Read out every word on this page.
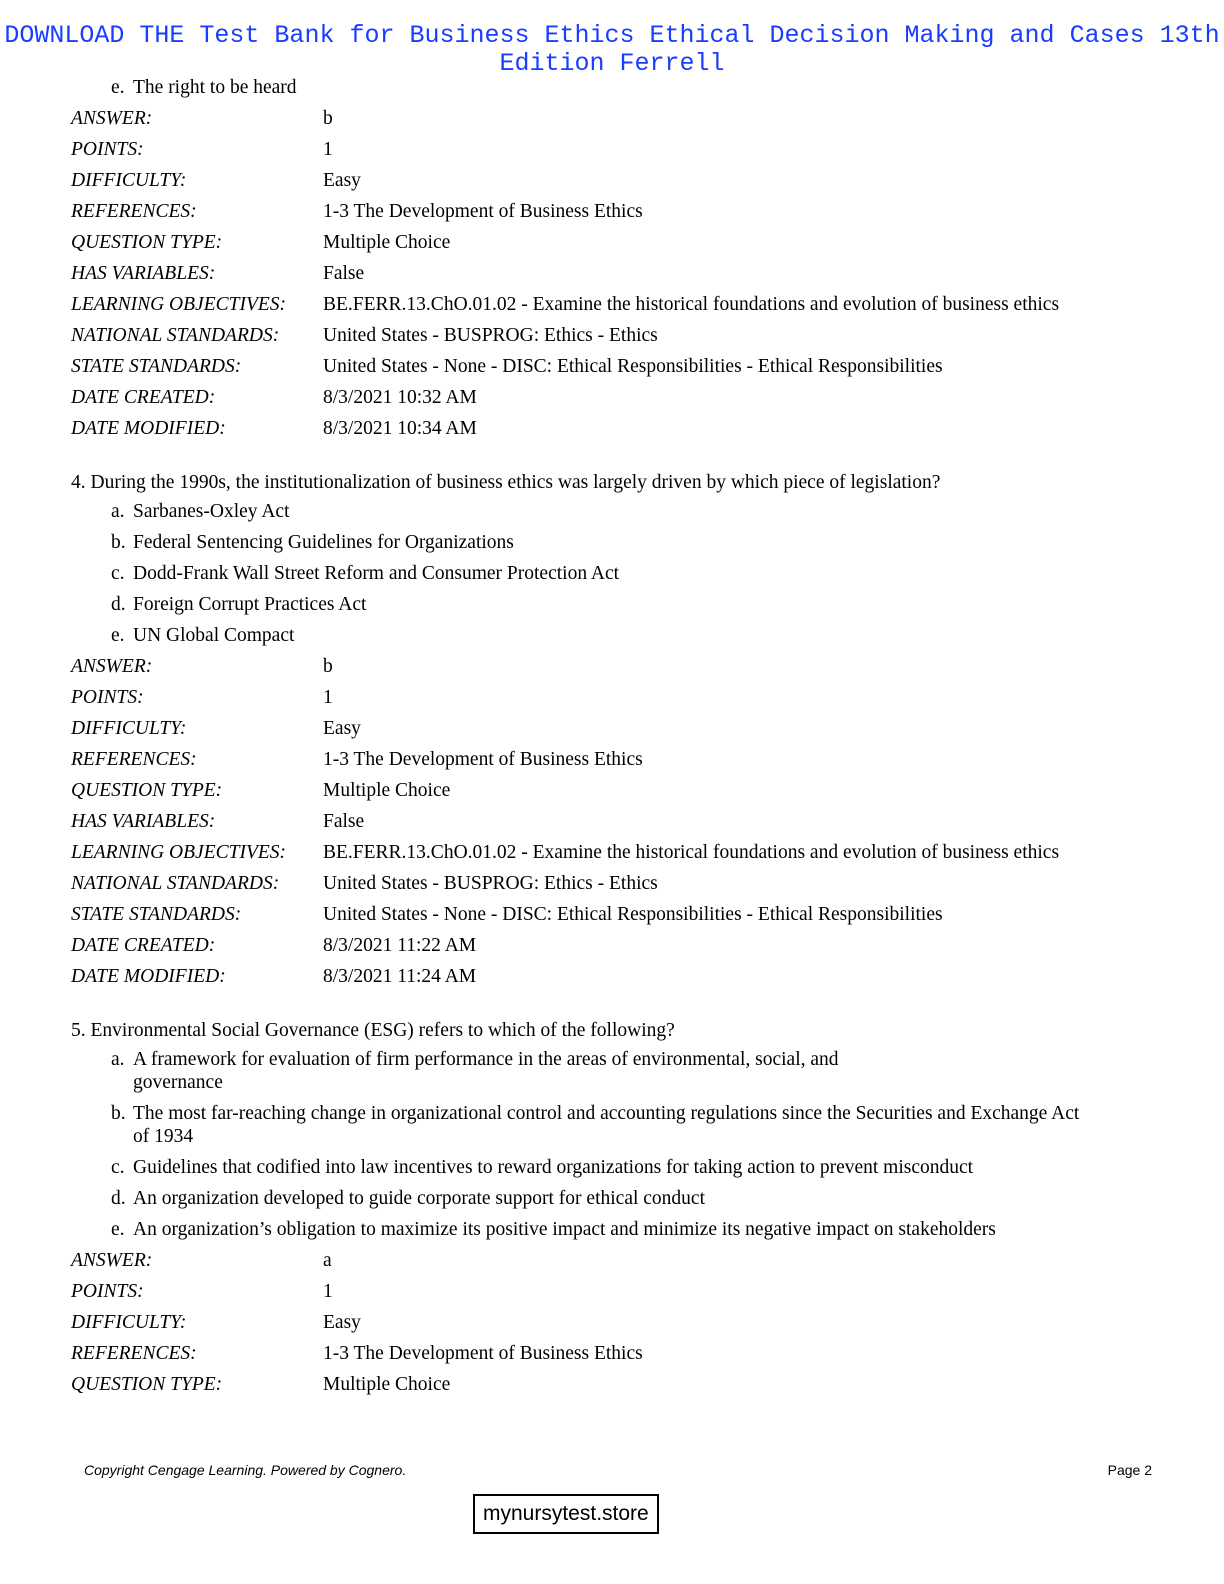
DOWNLOAD THE Test Bank for Business Ethics Ethical Decision Making and Cases 13th Edition Ferrell
e. The right to be heard
ANSWER:	b
POINTS:	1
DIFFICULTY:	Easy
REFERENCES:	1-3 The Development of Business Ethics
QUESTION TYPE:	Multiple Choice
HAS VARIABLES:	False
LEARNING OBJECTIVES:	BE.FERR.13.ChO.01.02 - Examine the historical foundations and evolution of business ethics
NATIONAL STANDARDS:	United States - BUSPROG: Ethics - Ethics
STATE STANDARDS:	United States - None - DISC: Ethical Responsibilities - Ethical Responsibilities
DATE CREATED:	8/3/2021 10:32 AM
DATE MODIFIED:	8/3/2021 10:34 AM
4. During the 1990s, the institutionalization of business ethics was largely driven by which piece of legislation?
a. Sarbanes-Oxley Act
b. Federal Sentencing Guidelines for Organizations
c. Dodd-Frank Wall Street Reform and Consumer Protection Act
d. Foreign Corrupt Practices Act
e. UN Global Compact
ANSWER:	b
POINTS:	1
DIFFICULTY:	Easy
REFERENCES:	1-3 The Development of Business Ethics
QUESTION TYPE:	Multiple Choice
HAS VARIABLES:	False
LEARNING OBJECTIVES:	BE.FERR.13.ChO.01.02 - Examine the historical foundations and evolution of business ethics
NATIONAL STANDARDS:	United States - BUSPROG: Ethics - Ethics
STATE STANDARDS:	United States - None - DISC: Ethical Responsibilities - Ethical Responsibilities
DATE CREATED:	8/3/2021 11:22 AM
DATE MODIFIED:	8/3/2021 11:24 AM
5. Environmental Social Governance (ESG) refers to which of the following?
a. A framework for evaluation of firm performance in the areas of environmental, social, and governance
b. The most far-reaching change in organizational control and accounting regulations since the Securities and Exchange Act of 1934
c. Guidelines that codified into law incentives to reward organizations for taking action to prevent misconduct
d. An organization developed to guide corporate support for ethical conduct
e. An organization’s obligation to maximize its positive impact and minimize its negative impact on stakeholders
ANSWER:	a
POINTS:	1
DIFFICULTY:	Easy
REFERENCES:	1-3 The Development of Business Ethics
QUESTION TYPE:	Multiple Choice
Copyright Cengage Learning. Powered by Cognero.	Page 2
mynursytest.store
